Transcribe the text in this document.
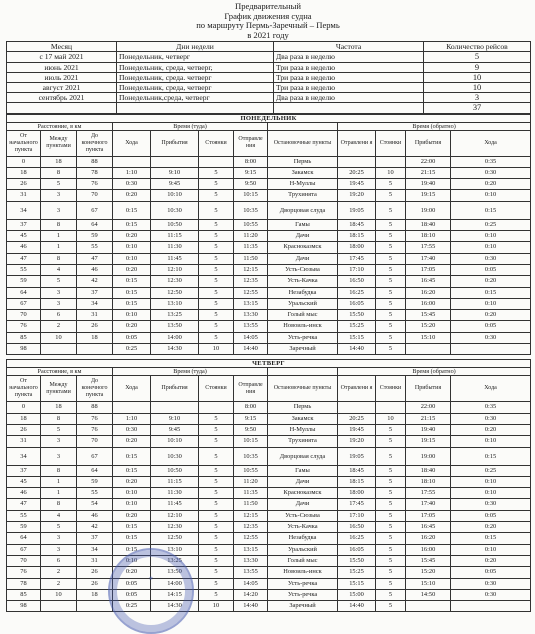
Предварительный
График движения судна
по маршруту Пермь-Заречный – Пермь
в 2021 году
Месяц	Дни недели	Частота	Количество рейсов
с 17 май 2021	Понедельник, четверг	Два раза в неделю	5
июнь 2021	Понедельник, среда, четверг,	Три раза в неделю	9
июль 2021	Понедельник, среда. четверг	Три раза в неделю	10
август 2021	Понедельник, среда, четверг	Три раза в неделю	10
сентябрь 2021	Понедельник,среда, четверг	Два раза в неделю	3
			37
ПОНЕДЕЛЬНИК											
Расстояние, в км			Время (туда)					Время (обратно)			
От начального пункта	Между пунктами	До конечного пункта	Хода	Прибытия	Стоянки	Отправле ния	Остановочные пункты	Отравлени я	Стоянки	Прибытия	Хода
0	18	88				8:00	Пермь			22:00	0:35
18	8	78	1:10	9:10	5	9:15	Закамск	20:25	10	21:15	0:30
26	5	76	0:30	9:45	5	9:50	Н-Муллы	19:45	5	19:40	0:20
31	3	70	0:20	10:10	5	10:15	Трухинята	19:20	5	19:15	0:10
34	3	67	0:15	10:30	5	10:35	Дворцовая слуда	19:05	5	19:00	0:15
37	8	64	0:15	10:50	5	10:55	Гамы	18:45	5	18:40	0:25
45	1	59	0:20	11:15	5	11:20	Дачи	18:15	5	18:10	0:10
46	1	55	0:10	11:30	5	11:35	Красноказмск	18:00	5	17:55	0:10
47	8	47	0:10	11:45	5	11:50	Дачи	17:45	5	17:40	0:30
55	4	46	0:20	12:10	5	12:15	Усть-Сюзьва	17:10	5	17:05	0:05
59	5	42	0:15	12:30	5	12:35	Усть-Качка	16:50	5	16:45	0:20
64	3	37	0:15	12:50	5	12:55	Незабудка	16:25	5	16:20	0:15
67	3	34	0:15	13:10	5	13:15	Уральский	16:05	5	16:00	0:10
70	6	31	0:10	13:25	5	13:30	Голый мыс	15:50	5	15:45	0:20
76	2	26	0:20	13:50	5	13:55	Новоиль-инск	15:25	5	15:20	0:05
85	10	18	0:05	14:00	5	14:05	Усть-речка	15:15	5	15:10	0:30
98			0:25	14:30	10	14:40	Заречный	14:40	5		
ЧЕТВЕРГ											
Расстояние, в км			Время (туда)					Время (обратно)			
От начального пункта	Между пунктами	До конечного пункта	Хода	Прибытия	Стоянки	Отправле ния	Остановочные пункты	Отравлени я	Стоянки	Прибытия	Хода
0	18	88				8:00	Пермь			22:00	0:35
18	8	76	1:10	9:10	5	9:15	Закамск	20:25	10	21:15	0:30
26	5	76	0:30	9:45	5	9:50	Н-Муллы	19:45	5	19:40	0:20
31	3	70	0:20	10:10	5	10:15	Трухинята	19:20	5	19:15	0:10
34	3	67	0:15	10:30	5	10:35	Дворцовая слуда	19:05	5	19:00	0:15
37	8	64	0:15	10:50	5	10:55	Гамы	18:45	5	18:40	0:25
45	1	59	0:20	11:15	5	11:20	Дачи	18:15	5	18:10	0:10
46	1	55	0:10	11:30	5	11:35	Красноказмск	18:00	5	17:55	0:10
47	8	54	0:10	11:45	5	11:50	Дачи	17:45	5	17:40	0:30
55	4	46	0:20	12:10	5	12:15	Усть-Сюзьва	17:10	5	17:05	0:05
59	5	42	0:15	12:30	5	12:35	Усть-Качка	16:50	5	16:45	0:20
64	3	37	0:15	12:50	5	12:55	Незабудка	16:25	5	16:20	0:15
67	3	34	0:15	13:10	5	13:15	Уральский	16:05	5	16:00	0:10
70	6	31	0:10	13:25	5	13:30	Голый мыс	15:50	5	15:45	0:20
76	2	26	0:20	13:50	5	13:55	Новоиль-инск	15:25	5	15:20	0:05
78	2	26	0:05	14:00	5	14:05	Усть-речка	15:15	5	15:10	0:30
85	10	18	0:05	14:15	5	14:20	Усть-речка	15:00	5	14:50	0:30
98			0:25	14:30	10	14:40	Заречный	14:40	5		
★
